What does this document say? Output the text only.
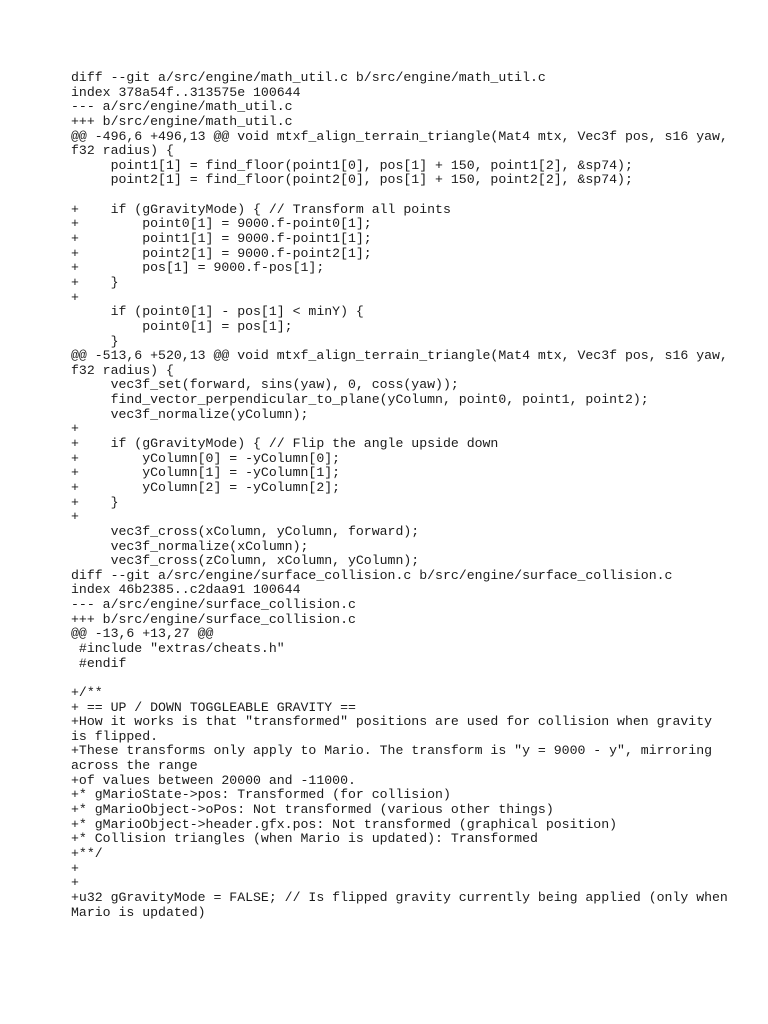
diff --git a/src/engine/math_util.c b/src/engine/math_util.c
index 378a54f..313575e 100644
--- a/src/engine/math_util.c
+++ b/src/engine/math_util.c
@@ -496,6 +496,13 @@ void mtxf_align_terrain_triangle(Mat4 mtx, Vec3f pos, s16 yaw,
f32 radius) {
point1[1] = find_floor(point1[0], pos[1] + 150, point1[2], &sp74);
point2[1] = find_floor(point2[0], pos[1] + 150, point2[2], &sp74);
+    if (gGravityMode) { // Transform all points
+        point0[1] = 9000.f-point0[1];
+        point1[1] = 9000.f-point1[1];
+        point2[1] = 9000.f-point2[1];
+        pos[1] = 9000.f-pos[1];
+    }
+
if (point0[1] - pos[1] < minY) {
point0[1] = pos[1];
}
@@ -513,6 +520,13 @@ void mtxf_align_terrain_triangle(Mat4 mtx, Vec3f pos, s16 yaw,
f32 radius) {
vec3f_set(forward, sins(yaw), 0, coss(yaw));
find_vector_perpendicular_to_plane(yColumn, point0, point1, point2);
vec3f_normalize(yColumn);
+
+    if (gGravityMode) { // Flip the angle upside down
+        yColumn[0] = -yColumn[0];
+        yColumn[1] = -yColumn[1];
+        yColumn[2] = -yColumn[2];
+    }
+
vec3f_cross(xColumn, yColumn, forward);
vec3f_normalize(xColumn);
vec3f_cross(zColumn, xColumn, yColumn);
diff --git a/src/engine/surface_collision.c b/src/engine/surface_collision.c
index 46b2385..c2daa91 100644
--- a/src/engine/surface_collision.c
+++ b/src/engine/surface_collision.c
@@ -13,6 +13,27 @@
#include "extras/cheats.h"
#endif
+/**
+ == UP / DOWN TOGGLEABLE GRAVITY ==
+How it works is that "transformed" positions are used for collision when gravity
is flipped.
+These transforms only apply to Mario. The transform is "y = 9000 - y", mirroring
across the range
+of values between 20000 and -11000.
+* gMarioState->pos: Transformed (for collision)
+* gMarioObject->oPos: Not transformed (various other things)
+* gMarioObject->header.gfx.pos: Not transformed (graphical position)
+* Collision triangles (when Mario is updated): Transformed
+**/
+
+
+u32 gGravityMode = FALSE; // Is flipped gravity currently being applied (only when
Mario is updated)
